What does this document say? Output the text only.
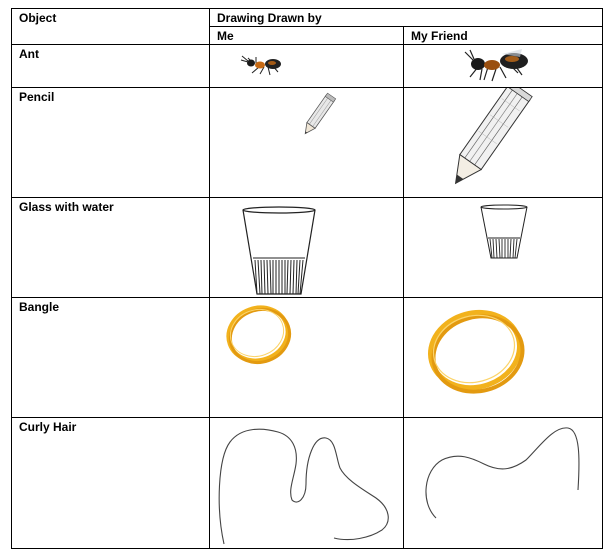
Object	Drawing Drawn by	

	Me	My Friend

Ant

Pencil

Glass with water

Bangle

Curly Hair
